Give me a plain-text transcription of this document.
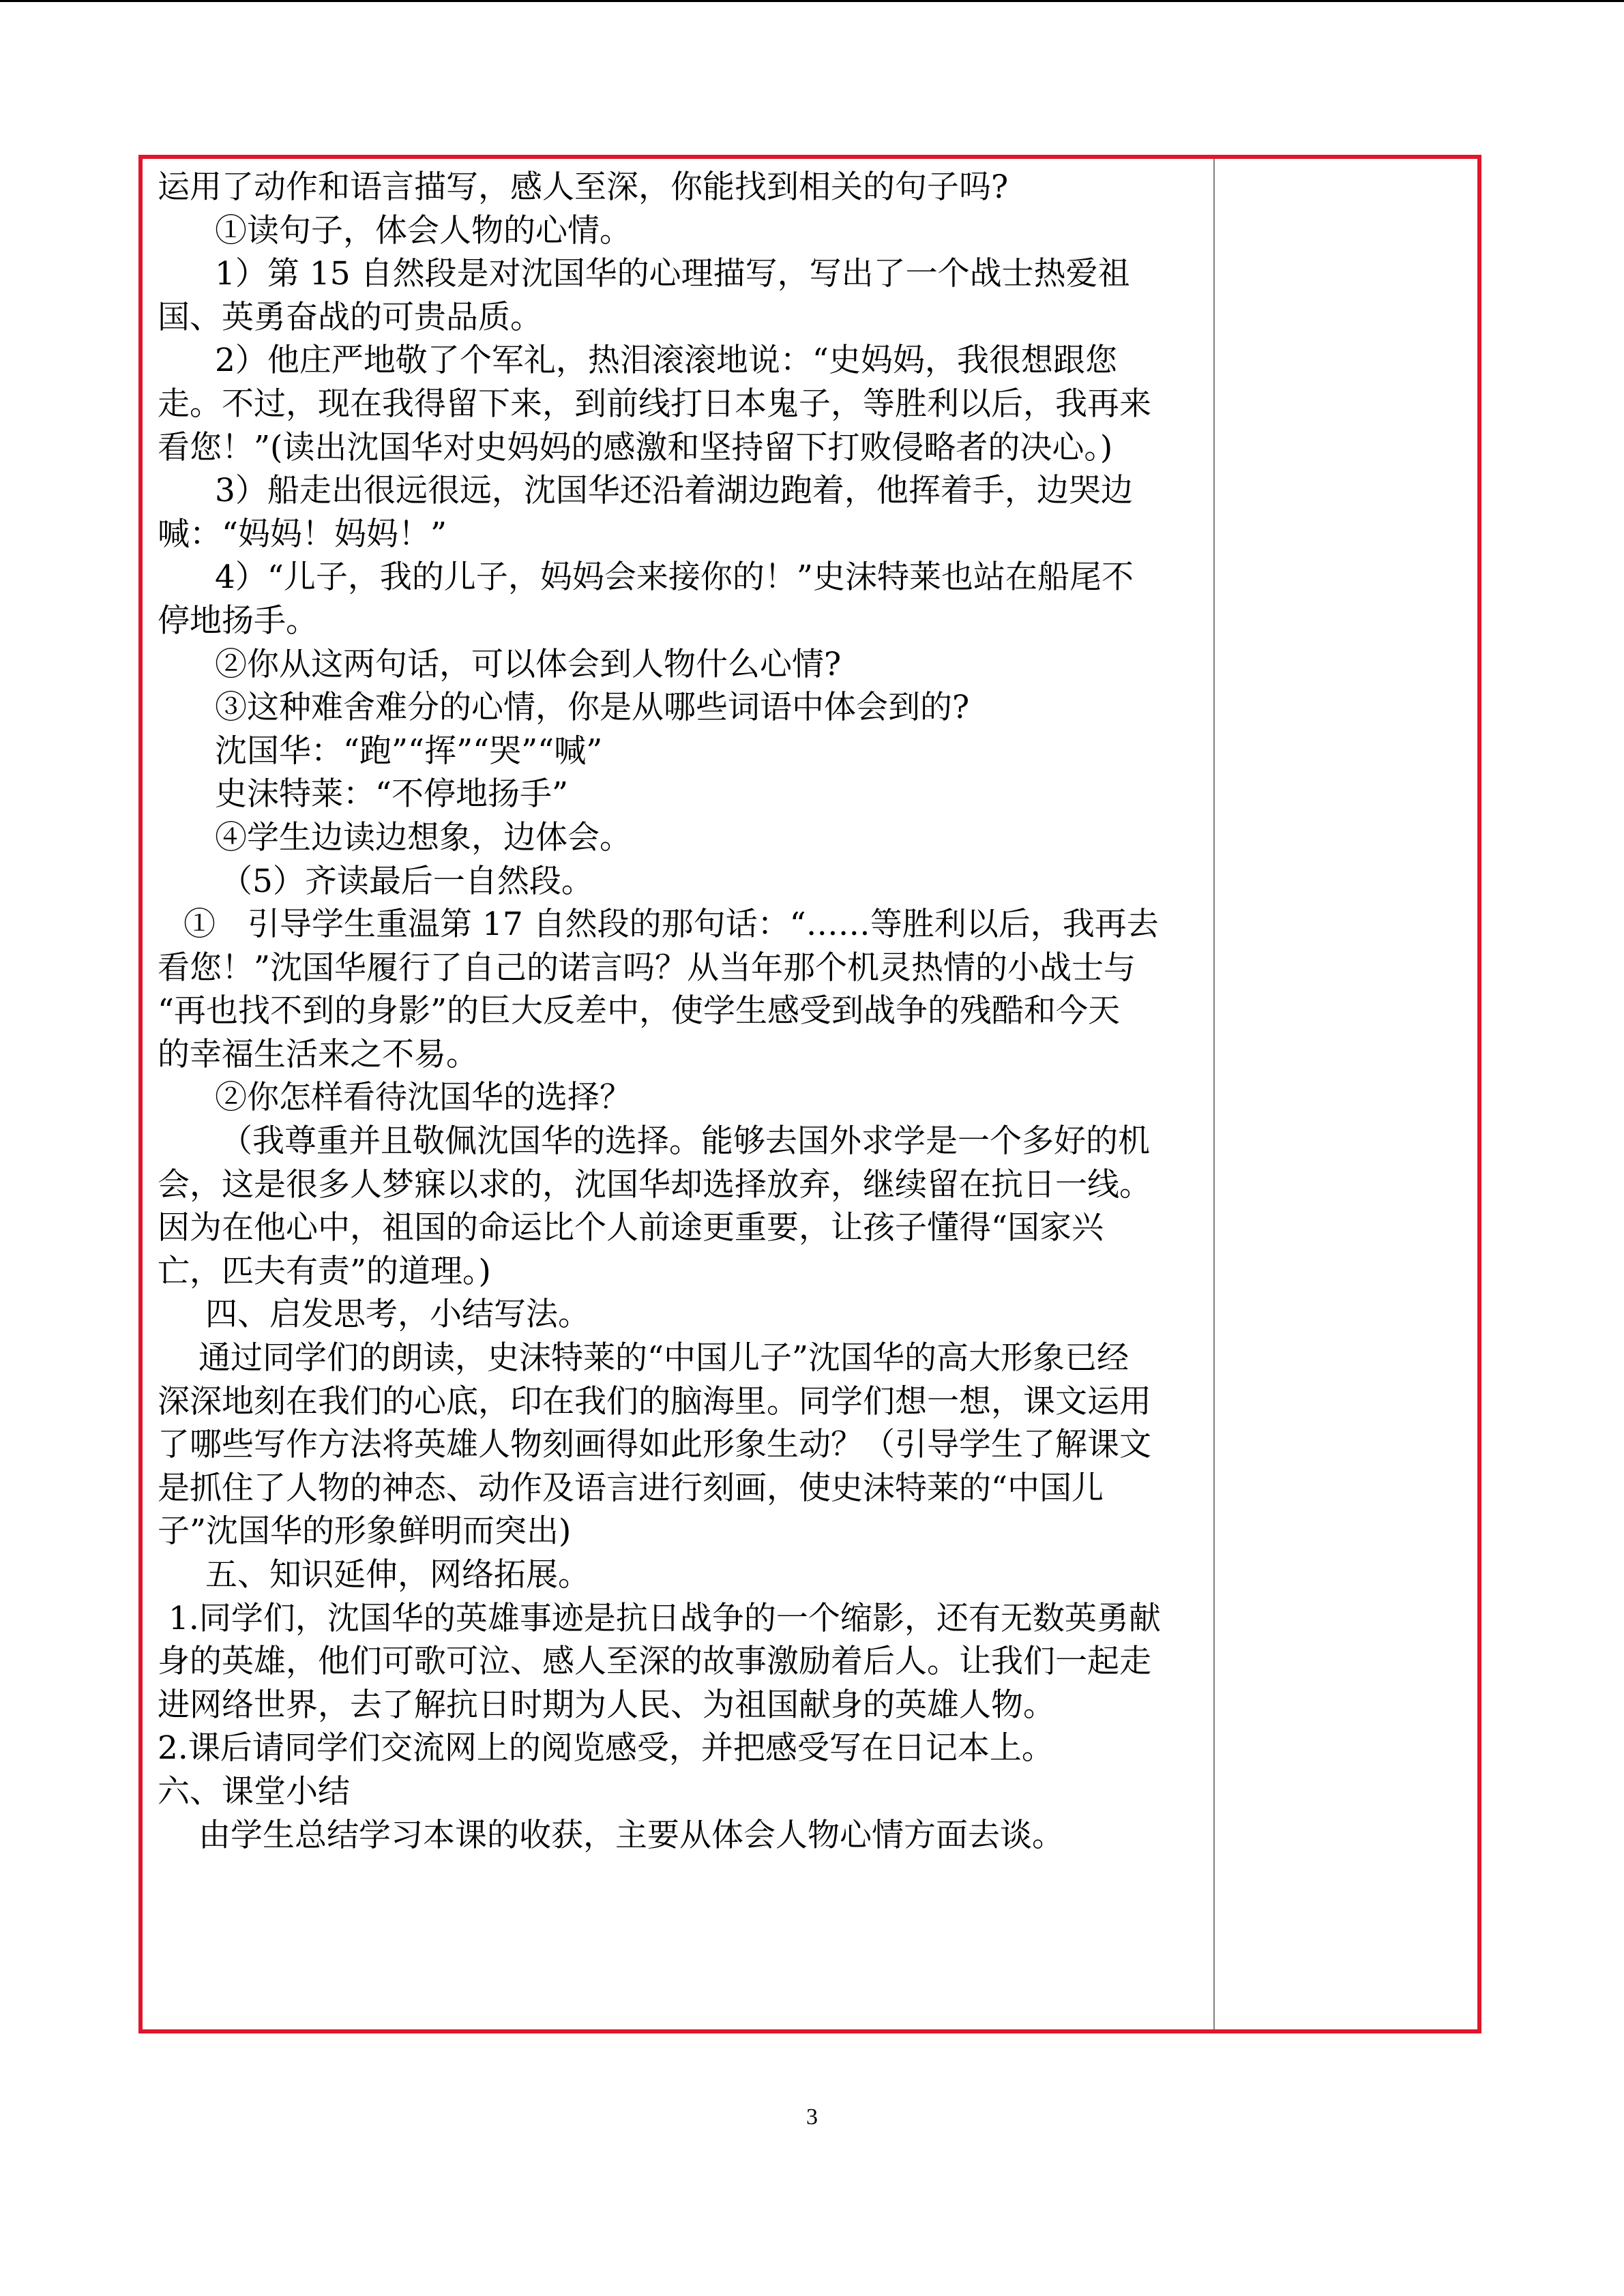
运用了动作和语言描写，感人至深，你能找到相关的句子吗?
①读句子，体会人物的心情。
1）第 15 自然段是对沈国华的心理描写，写出了一个战士热爱祖
国、英勇奋战的可贵品质。
2）他庄严地敬了个军礼，热泪滚滚地说：“史妈妈，我很想跟您
走。不过，现在我得留下来，到前线打日本鬼子，等胜利以后，我再来
看您！”(读出沈国华对史妈妈的感激和坚持留下打败侵略者的决心。)
3）船走出很远很远，沈国华还沿着湖边跑着，他挥着手，边哭边
喊：“妈妈！妈妈！”
4）“儿子，我的儿子，妈妈会来接你的！”史沫特莱也站在船尾不
停地扬手。
②你从这两句话，可以体会到人物什么心情?
③这种难舍难分的心情，你是从哪些词语中体会到的?
沈国华：“跑”“挥”“哭”“喊”
史沫特莱：“不停地扬手”
④学生边读边想象，边体会。
（5）齐读最后一自然段。
①　引导学生重温第 17 自然段的那句话：“……等胜利以后，我再去
看您！”沈国华履行了自己的诺言吗？从当年那个机灵热情的小战士与
“再也找不到的身影”的巨大反差中，使学生感受到战争的残酷和今天
的幸福生活来之不易。
②你怎样看待沈国华的选择？
（我尊重并且敬佩沈国华的选择。能够去国外求学是一个多好的机
会，这是很多人梦寐以求的，沈国华却选择放弃，继续留在抗日一线。
因为在他心中，祖国的命运比个人前途更重要，让孩子懂得“国家兴
亡，匹夫有责”的道理。)
四、启发思考，小结写法。
通过同学们的朗读，史沫特莱的“中国儿子”沈国华的高大形象已经
深深地刻在我们的心底，印在我们的脑海里。同学们想一想，课文运用
了哪些写作方法将英雄人物刻画得如此形象生动？（引导学生了解课文
是抓住了人物的神态、动作及语言进行刻画，使史沫特莱的“中国儿
子”沈国华的形象鲜明而突出)
五、知识延伸，网络拓展。
1.同学们，沈国华的英雄事迹是抗日战争的一个缩影，还有无数英勇献
身的英雄，他们可歌可泣、感人至深的故事激励着后人。让我们一起走
进网络世界，去了解抗日时期为人民、为祖国献身的英雄人物。
2.课后请同学们交流网上的阅览感受，并把感受写在日记本上。
六、课堂小结
由学生总结学习本课的收获，主要从体会人物心情方面去谈。
3
